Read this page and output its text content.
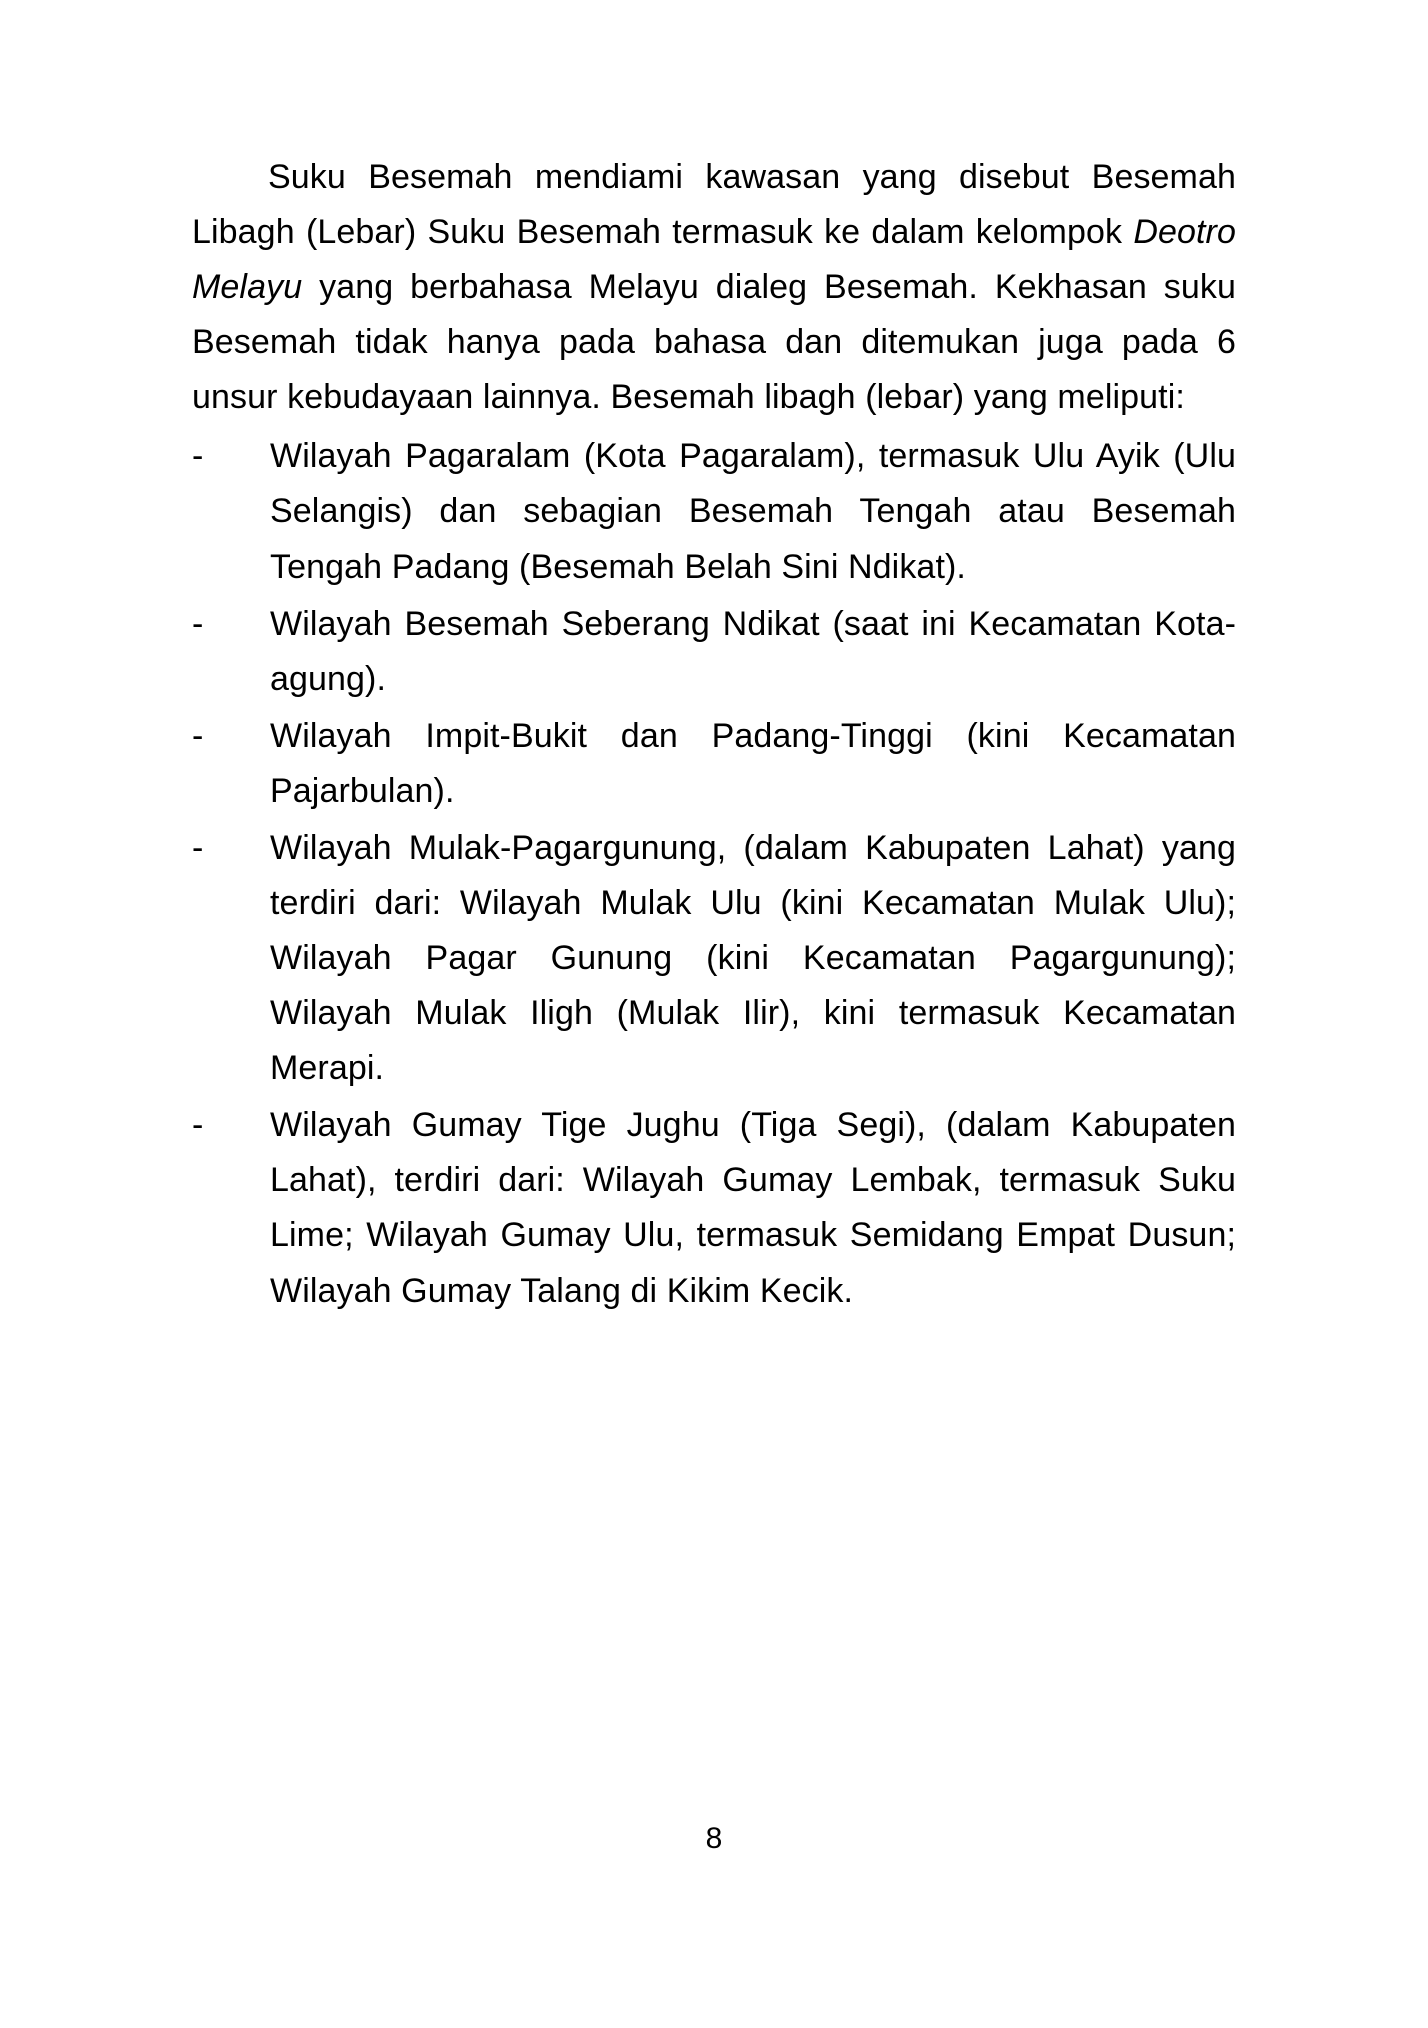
Suku Besemah mendiami kawasan yang disebut Besemah Libagh (Lebar) Suku Besemah termasuk ke dalam kelompok Deotro Melayu yang berbahasa Melayu dialeg Besemah. Kekhasan suku Besemah tidak hanya pada bahasa dan ditemukan juga pada 6 unsur kebudayaan lainnya. Besemah libagh (lebar) yang meliputi:

-	Wilayah Pagaralam (Kota Pagaralam), termasuk Ulu Ayik (Ulu Selangis) dan sebagian Besemah Tengah atau Besemah Tengah Padang (Besemah Belah Sini Ndikat).
-	Wilayah Besemah Seberang Ndikat (saat ini Kecamatan Kota-agung).
-	Wilayah Impit-Bukit dan Padang-Tinggi (kini Kecamatan Pajarbulan).
-	Wilayah Mulak-Pagargunung, (dalam Kabupaten Lahat) yang terdiri dari: Wilayah Mulak Ulu (kini Kecamatan Mulak Ulu); Wilayah Pagar Gunung (kini Kecamatan Pagargunung); Wilayah Mulak Iligh (Mulak Ilir), kini termasuk Kecamatan Merapi.
-	Wilayah Gumay Tige Jughu (Tiga Segi), (dalam Kabupaten Lahat), terdiri dari: Wilayah Gumay Lembak, termasuk Suku Lime; Wilayah Gumay Ulu, termasuk Semidang Empat Dusun; Wilayah Gumay Talang di Kikim Kecik.
8
